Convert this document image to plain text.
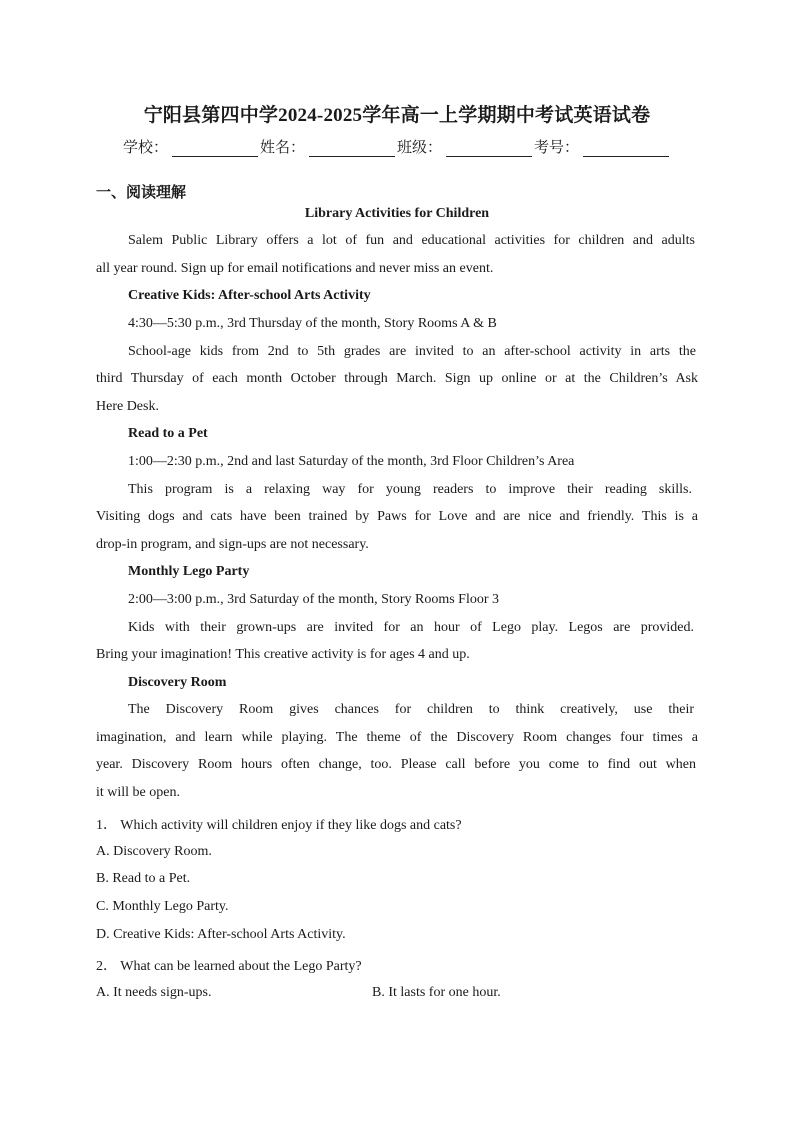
宁阳县第四中学2024-2025学年高一上学期期中考试英语试卷
学校：	姓名：	班级：	考号：
一、阅读理解
Library Activities for Children
Salem Public Library offers a lot of fun and educational activities for children and adults
all year round. Sign up for email notifications and never miss an event.
Creative Kids: After-school Arts Activity
4:30—5:30 p.m., 3rd Thursday of the month, Story Rooms A & B
School-age kids from 2nd to 5th grades are invited to an after-school activity in arts the
third Thursday of each month October through March. Sign up online or at the Children’s Ask
Here Desk.
Read to a Pet
1:00—2:30 p.m., 2nd and last Saturday of the month, 3rd Floor Children’s Area
This program is a relaxing way for young readers to improve their reading skills.
Visiting dogs and cats have been trained by Paws for Love and are nice and friendly. This is a
drop-in program, and sign-ups are not necessary.
Monthly Lego Party
2:00—3:00 p.m., 3rd Saturday of the month, Story Rooms Floor 3
Kids with their grown-ups are invited for an hour of Lego play. Legos are provided.
Bring your imagination! This creative activity is for ages 4 and up.
Discovery Room
The Discovery Room gives chances for children to think creatively, use their
imagination, and learn while playing. The theme of the Discovery Room changes four times a
year. Discovery Room hours often change, too. Please call before you come to find out when
it will be open.
1． Which activity will children enjoy if they like dogs and cats?
A. Discovery Room.
B. Read to a Pet.
C. Monthly Lego Party.
D. Creative Kids: After-school Arts Activity.
2． What can be learned about the Lego Party?
A. It needs sign-ups.	B. It lasts for one hour.
